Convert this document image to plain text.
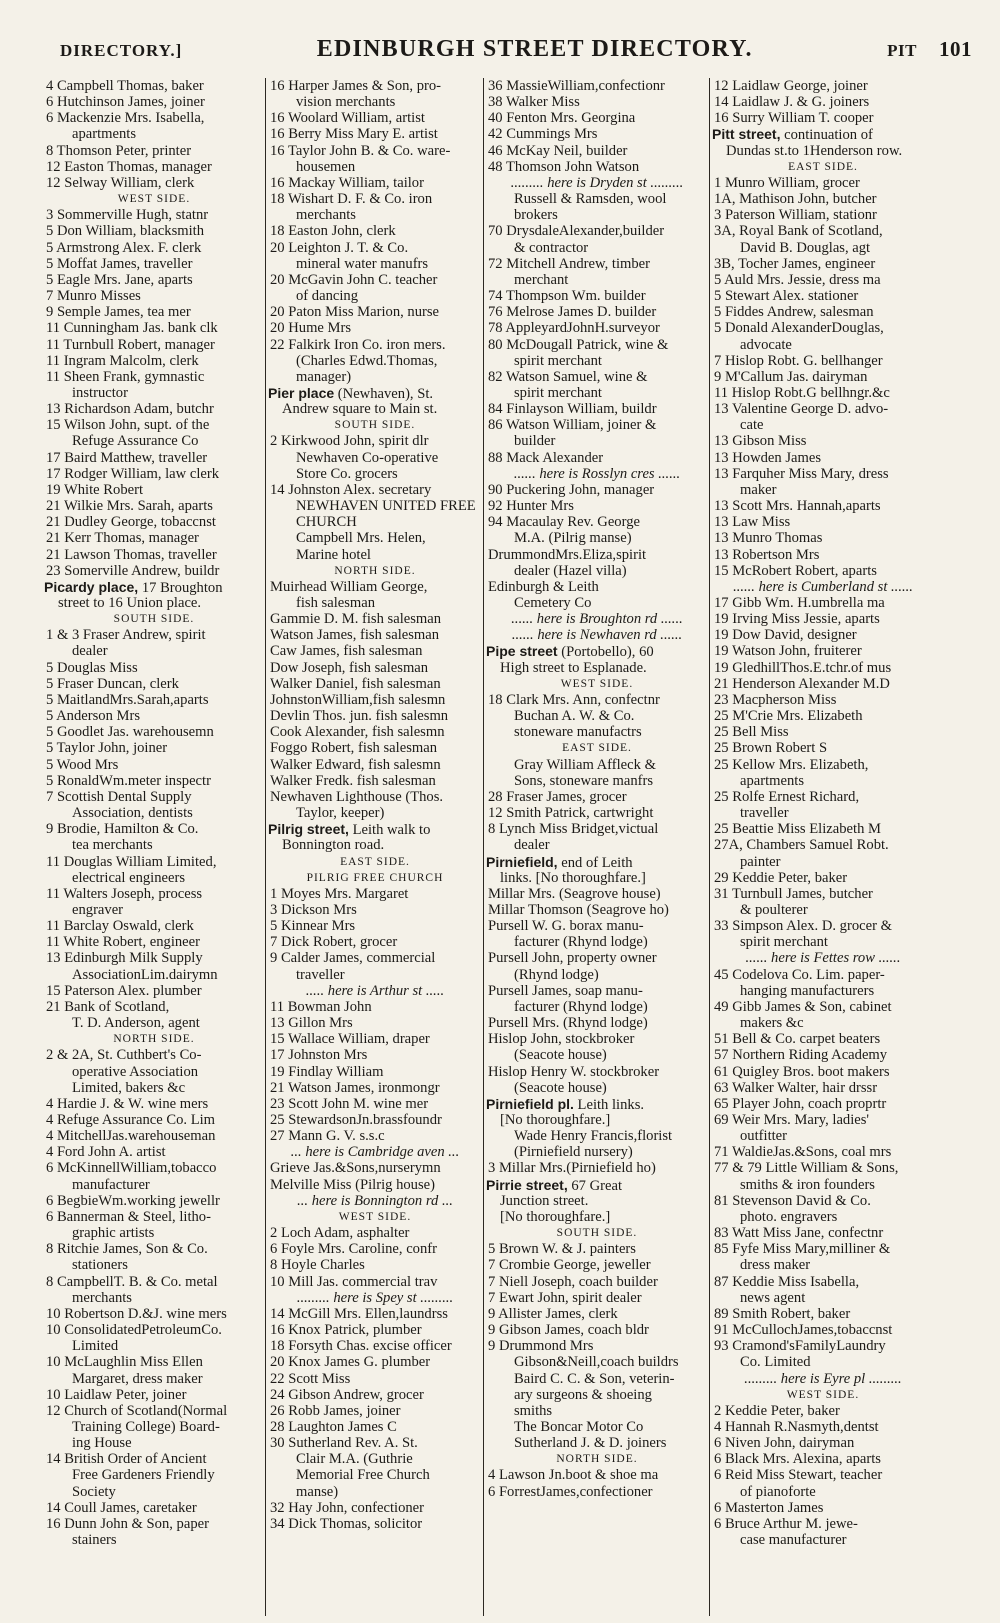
DIRECTORY.]	EDINBURGH STREET DIRECTORY.	PIT 101
4 Campbell Thomas, baker
6 Hutchinson James, joiner
6 Mackenzie Mrs. Isabella,
apartments
8 Thomson Peter, printer
12 Easton Thomas, manager
12 Selway William, clerk
WEST SIDE.
3 Sommerville Hugh, statnr
5 Don William, blacksmith
5 Armstrong Alex. F. clerk
5 Moffat James, traveller
5 Eagle Mrs. Jane, aparts
7 Munro Misses
9 Semple James, tea mer
11 Cunningham Jas. bank clk
11 Turnbull Robert, manager
11 Ingram Malcolm, clerk
11 Sheen Frank, gymnastic
instructor
13 Richardson Adam, butchr
15 Wilson John, supt. of the
Refuge Assurance Co
17 Baird Matthew, traveller
17 Rodger William, law clerk
19 White Robert
21 Wilkie Mrs. Sarah, aparts
21 Dudley George, tobaccnst
21 Kerr Thomas, manager
21 Lawson Thomas, traveller
23 Somerville Andrew, buildr
Picardy place, 17 Broughton
street to 16 Union place.
SOUTH SIDE.
1 & 3 Fraser Andrew, spirit
dealer
5 Douglas Miss
5 Fraser Duncan, clerk
5 MaitlandMrs.Sarah,aparts
5 Anderson Mrs
5 Goodlet Jas. warehousemn
5 Taylor John, joiner
5 Wood Mrs
5 RonaldWm.meter inspectr
7 Scottish Dental Supply
Association, dentists
9 Brodie, Hamilton & Co.
tea merchants
11 Douglas William Limited,
electrical engineers
11 Walters Joseph, process
engraver
11 Barclay Oswald, clerk
11 White Robert, engineer
13 Edinburgh Milk Supply
AssociationLim.dairymn
15 Paterson Alex. plumber
21 Bank of Scotland,
T. D. Anderson, agent
NORTH SIDE.
2 & 2A, St. Cuthbert's Co-
operative Association
Limited, bakers &c
4 Hardie J. & W. wine mers
4 Refuge Assurance Co. Lim
4 MitchellJas.warehouseman
4 Ford John A. artist
6 McKinnellWilliam,tobacco
manufacturer
6 BegbieWm.working jewellr
6 Bannerman & Steel, litho-
graphic artists
8 Ritchie James, Son & Co.
stationers
8 CampbellT. B. & Co. metal
merchants
10 Robertson D.&J. wine mers
10 ConsolidatedPetroleumCo.
Limited
10 McLaughlin Miss Ellen
Margaret, dress maker
10 Laidlaw Peter, joiner
12 Church of Scotland(Normal
Training College) Board-
ing House
14 British Order of Ancient
Free Gardeners Friendly
Society
14 Coull James, caretaker
16 Dunn John & Son, paper
stainers
16 Harper James & Son, pro-
vision merchants
16 Woolard William, artist
16 Berry Miss Mary E. artist
16 Taylor John B. & Co. ware-
housemen
16 Mackay William, tailor
18 Wishart D. F. & Co. iron
merchants
18 Easton John, clerk
20 Leighton J. T. & Co.
mineral water manufrs
20 McGavin John C. teacher
of dancing
20 Paton Miss Marion, nurse
20 Hume Mrs
22 Falkirk Iron Co. iron mers.
(Charles Edwd.Thomas,
manager)
Pier place (Newhaven), St.
Andrew square to Main st.
SOUTH SIDE.
2 Kirkwood John, spirit dlr
Newhaven Co-operative
Store Co. grocers
14 Johnston Alex. secretary
NEWHAVEN UNITED FREE
CHURCH
Campbell Mrs. Helen,
Marine hotel
NORTH SIDE.
Muirhead William George,
fish salesman
Gammie D. M. fish salesman
Watson James, fish salesman
Caw James, fish salesman
Dow Joseph, fish salesman
Walker Daniel, fish salesman
JohnstonWilliam,fish salesmn
Devlin Thos. jun. fish salesmn
Cook Alexander, fish salesmn
Foggo Robert, fish salesman
Walker Edward, fish salesmn
Walker Fredk. fish salesman
Newhaven Lighthouse (Thos.
Taylor, keeper)
Pilrig street, Leith walk to
Bonnington road.
EAST SIDE.
PILRIG FREE CHURCH
1 Moyes Mrs. Margaret
3 Dickson Mrs
5 Kinnear Mrs
7 Dick Robert, grocer
9 Calder James, commercial
traveller
..... here is Arthur st .....
11 Bowman John
13 Gillon Mrs
15 Wallace William, draper
17 Johnston Mrs
19 Findlay William
21 Watson James, ironmongr
23 Scott John M. wine mer
25 StewardsonJn.brassfoundr
27 Mann G. V. s.s.c
... here is Cambridge aven ...
Grieve Jas.&Sons,nurserymn
Melville Miss (Pilrig house)
... here is Bonnington rd ...
WEST SIDE.
2 Loch Adam, asphalter
6 Foyle Mrs. Caroline, confr
8 Hoyle Charles
10 Mill Jas. commercial trav
......... here is Spey st .........
14 McGill Mrs. Ellen,laundrss
16 Knox Patrick, plumber
18 Forsyth Chas. excise officer
20 Knox James G. plumber
22 Scott Miss
24 Gibson Andrew, grocer
26 Robb James, joiner
28 Laughton James C
30 Sutherland Rev. A. St.
Clair M.A. (Guthrie
Memorial Free Church
manse)
32 Hay John, confectioner
34 Dick Thomas, solicitor
36 MassieWilliam,confectionr
38 Walker Miss
40 Fenton Mrs. Georgina
42 Cummings Mrs
46 McKay Neil, builder
48 Thomson John Watson
......... here is Dryden st .........
Russell & Ramsden, wool
brokers
70 DrysdaleAlexander,builder
& contractor
72 Mitchell Andrew, timber
merchant
74 Thompson Wm. builder
76 Melrose James D. builder
78 AppleyardJohnH.surveyor
80 McDougall Patrick, wine &
spirit merchant
82 Watson Samuel, wine &
spirit merchant
84 Finlayson William, buildr
86 Watson William, joiner &
builder
88 Mack Alexander
...... here is Rosslyn cres ......
90 Puckering John, manager
92 Hunter Mrs
94 Macaulay Rev. George
M.A. (Pilrig manse)
DrummondMrs.Eliza,spirit
dealer (Hazel villa)
Edinburgh & Leith
Cemetery Co
...... here is Broughton rd ......
...... here is Newhaven rd ......
Pipe street (Portobello), 60
High street to Esplanade.
WEST SIDE.
18 Clark Mrs. Ann, confectnr
Buchan A. W. & Co.
stoneware manufactrs
EAST SIDE.
Gray William Affleck &
Sons, stoneware manfrs
28 Fraser James, grocer
12 Smith Patrick, cartwright
8 Lynch Miss Bridget,victual
dealer
Pirniefield, end of Leith
links. [No thoroughfare.]
Millar Mrs. (Seagrove house)
Millar Thomson (Seagrove ho)
Pursell W. G. borax manu-
facturer (Rhynd lodge)
Pursell John, property owner
(Rhynd lodge)
Pursell James, soap manu-
facturer (Rhynd lodge)
Pursell Mrs. (Rhynd lodge)
Hislop John, stockbroker
(Seacote house)
Hislop Henry W. stockbroker
(Seacote house)
Pirniefield pl. Leith links.
[No thoroughfare.]
Wade Henry Francis,florist
(Pirniefield nursery)
3 Millar Mrs.(Pirniefield ho)
Pirrie street, 67 Great
Junction street.
[No thoroughfare.]
SOUTH SIDE.
5 Brown W. & J. painters
7 Crombie George, jeweller
7 Niell Joseph, coach builder
7 Ewart John, spirit dealer
9 Allister James, clerk
9 Gibson James, coach bldr
9 Drummond Mrs
Gibson&Neill,coach buildrs
Baird C. C. & Son, veterin-
ary surgeons & shoeing
smiths
The Boncar Motor Co
Sutherland J. & D. joiners
NORTH SIDE.
4 Lawson Jn.boot & shoe ma
6 ForrestJames,confectioner
12 Laidlaw George, joiner
14 Laidlaw J. & G. joiners
16 Surry William T. cooper
Pitt street, continuation of
Dundas st.to 1Henderson row.
EAST SIDE.
1 Munro William, grocer
1A, Mathison John, butcher
3 Paterson William, stationr
3A, Royal Bank of Scotland,
David B. Douglas, agt
3B, Tocher James, engineer
5 Auld Mrs. Jessie, dress ma
5 Stewart Alex. stationer
5 Fiddes Andrew, salesman
5 Donald AlexanderDouglas,
advocate
7 Hislop Robt. G. bellhanger
9 M'Callum Jas. dairyman
11 Hislop Robt.G bellhngr.&c
13 Valentine George D. advo-
cate
13 Gibson Miss
13 Howden James
13 Farquher Miss Mary, dress
maker
13 Scott Mrs. Hannah,aparts
13 Law Miss
13 Munro Thomas
13 Robertson Mrs
15 McRobert Robert, aparts
...... here is Cumberland st ......
17 Gibb Wm. H.umbrella ma
19 Irving Miss Jessie, aparts
19 Dow David, designer
19 Watson John, fruiterer
19 GledhillThos.E.tchr.of mus
21 Henderson Alexander M.D
23 Macpherson Miss
25 M'Crie Mrs. Elizabeth
25 Bell Miss
25 Brown Robert S
25 Kellow Mrs. Elizabeth,
apartments
25 Rolfe Ernest Richard,
traveller
25 Beattie Miss Elizabeth M
27A, Chambers Samuel Robt.
painter
29 Keddie Peter, baker
31 Turnbull James, butcher
& poulterer
33 Simpson Alex. D. grocer &
spirit merchant
...... here is Fettes row ......
45 Codelova Co. Lim. paper-
hanging manufacturers
49 Gibb James & Son, cabinet
makers &c
51 Bell & Co. carpet beaters
57 Northern Riding Academy
61 Quigley Bros. boot makers
63 Walker Walter, hair drssr
65 Player John, coach proprtr
69 Weir Mrs. Mary, ladies'
outfitter
71 WaldieJas.&Sons, coal mrs
77 & 79 Little William & Sons,
smiths & iron founders
81 Stevenson David & Co.
photo. engravers
83 Watt Miss Jane, confectnr
85 Fyfe Miss Mary,milliner &
dress maker
87 Keddie Miss Isabella,
news agent
89 Smith Robert, baker
91 McCullochJames,tobaccnst
93 Cramond'sFamilyLaundry
Co. Limited
......... here is Eyre pl .........
WEST SIDE.
2 Keddie Peter, baker
4 Hannah R.Nasmyth,dentst
6 Niven John, dairyman
6 Black Mrs. Alexina, aparts
6 Reid Miss Stewart, teacher
of pianoforte
6 Masterton James
6 Bruce Arthur M. jewe-
case manufacturer
